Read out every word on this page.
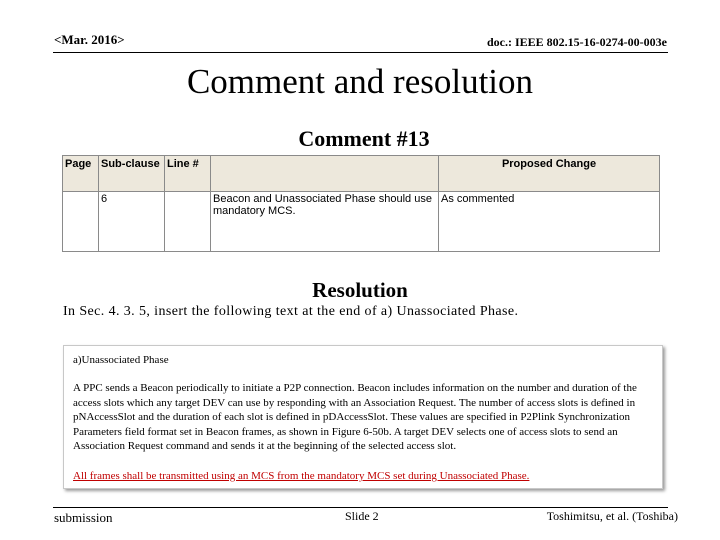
<Mar. 2016>	doc.: IEEE 802.15-16-0274-00-003e
Comment and resolution
Comment #13
Page	Sub-clause	Line #		Proposed Change
	6		Beacon and Unassociated Phase should use mandatory MCS.	As commented
Resolution
In Sec. 4. 3. 5, insert the following text at the end of a) Unassociated Phase.
a)Unassociated Phase
A PPC sends a Beacon periodically to initiate a P2P connection. Beacon includes information on the number and duration of the access slots which any target DEV can use by responding with an Association Request. The number of access slots is defined in pNAccessSlot and the duration of each slot is defined in pDAccessSlot. These values are specified in P2Plink Synchronization Parameters field format set in Beacon frames, as shown in Figure 6-50b. A target DEV selects one of access slots to send an Association Request command and sends it at the beginning of the selected access slot.
All frames shall be transmitted using an MCS from the mandatory MCS set during Unassociated Phase.
submission	Slide 2	Toshimitsu, et al. (Toshiba)
